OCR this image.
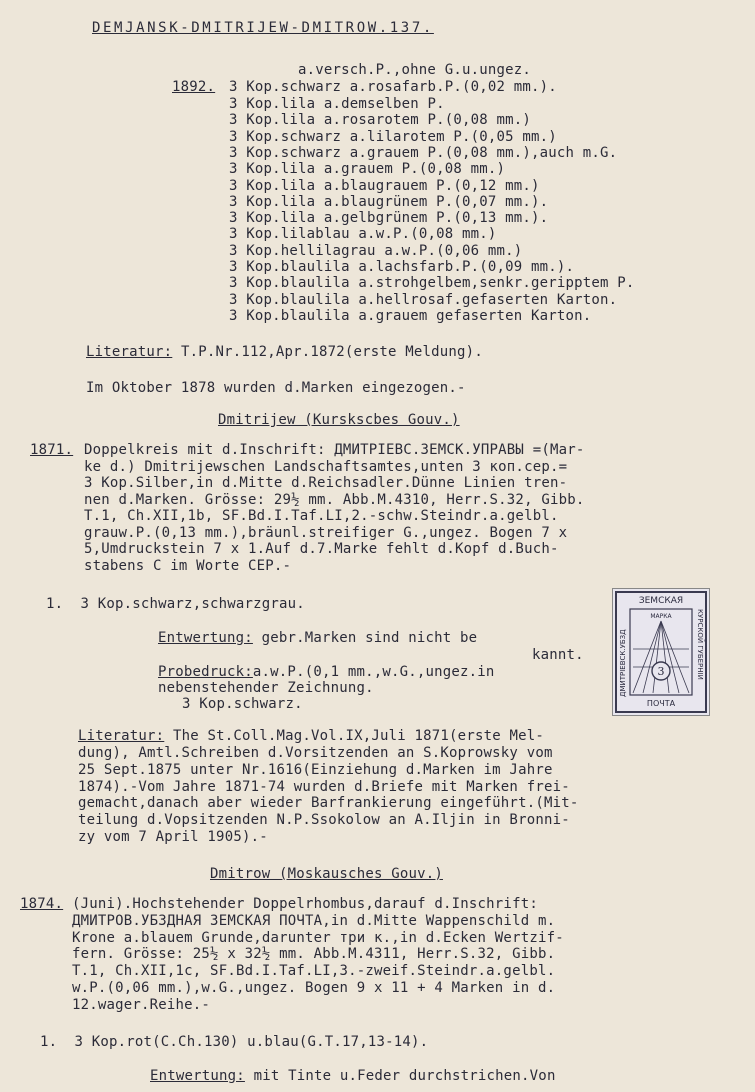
DEMJANSK-DMITRIJEW-DMITROW.137.
a.versch.P.,ohne G.u.ungez.
1892. 3 Kop.schwarz a.rosafarb.P.(0,02 mm.).
3 Kop.lila a.demselben P.
3 Kop.lila a.rosarotem P.(0,08 mm.)
3 Kop.schwarz a.lilarotem P.(0,05 mm.)
3 Kop.schwarz a.grauem P.(0,08 mm.),auch m.G.
3 Kop.lila a.grauem P.(0,08 mm.)
3 Kop.lila a.blaugrauem P.(0,12 mm.)
3 Kop.lila a.blaugrünem P.(0,07 mm.).
3 Kop.lila a.gelbgrünem P.(0,13 mm.).
3 Kop.lilablau a.w.P.(0,08 mm.)
3 Kop.hellilagrau a.w.P.(0,06 mm.)
3 Kop.blaulila a.lachsfarb.P.(0,09 mm.).
3 Kop.blaulila a.strohgelbem,senkr.geripptem P.
3 Kop.blaulila a.hellrosaf.gefaserten Karton.
3 Kop.blaulila a.grauem gefaserten Karton.
Literatur: T.P.Nr.112,Apr.1872(erste Meldung).
Im Oktober 1878 wurden d.Marken eingezogen.-
Dmitrijew (Kurskscbes Gouv.)
1871. Doppelkreis mit d.Inschrift: ДМИТРІЕВС.ЗЕМСК.УПРАВЫ =(Mar-
ke d.) Dmitrijewschen Landschaftsamtes,unten 3 коп.сер.=
3 Kop.Silber,in d.Mitte d.Reichsadler.Dünne Linien tren-
nen d.Marken. Grösse: 29½ mm. Abb.M.4310, Herr.S.32, Gibb.
T.1, Ch.XII,1b, SF.Bd.I.Taf.LI,2.-schw.Steindr.a.gelbl.
grauw.P.(0,13 mm.),bräunl.streifiger G.,ungez. Bogen 7 x
5,Umdruckstein 7 x 1.Auf d.7.Marke fehlt d.Kopf d.Buch-
stabens C im Worte CEP.-
1.  3 Kop.schwarz,schwarzgrau.
Entwertung: gebr.Marken sind nicht be
kannt.
Probedruck:a.w.P.(0,1 mm.,w.G.,ungez.in
nebenstehender Zeichnung.
3 Kop.schwarz.
ЗЕМСКАЯ
МАРКА
3
ПОЧТА
ДМИТРІЕВСК.УБЗД	КУРСКОЙ ГУБЕРНІИ
Literatur: The St.Coll.Mag.Vol.IX,Juli 1871(erste Mel-
dung), Amtl.Schreiben d.Vorsitzenden an S.Koprowsky vom
25 Sept.1875 unter Nr.1616(Einziehung d.Marken im Jahre
1874).-Vom Jahre 1871-74 wurden d.Briefe mit Marken frei-
gemacht,danach aber wieder Barfrankierung eingeführt.(Mit-
teilung d.Vopsitzenden N.P.Ssokolow an A.Iljin in Bronni-
zy vom 7 April 1905).-
Dmitrow (Moskausches Gouv.)
1874. (Juni).Hochstehender Doppelrhombus,darauf d.Inschrift:
ДМИТРОВ.УБЗДНАЯ ЗЕМСКАЯ ПОЧТА,in d.Mitte Wappenschild m.
Krone a.blauem Grunde,darunter три к.,in d.Ecken Wertzif-
fern. Grösse: 25½ x 32½ mm. Abb.M.4311, Herr.S.32, Gibb.
T.1, Ch.XII,1c, SF.Bd.I.Taf.LI,3.-zweif.Steindr.a.gelbl.
w.P.(0,06 mm.),w.G.,ungez. Bogen 9 x 11 + 4 Marken in d.
12.wager.Reihe.-
1.  3 Kop.rot(C.Ch.130) u.blau(G.T.17,13-14).
Entwertung: mit Tinte u.Feder durchstrichen.Von
